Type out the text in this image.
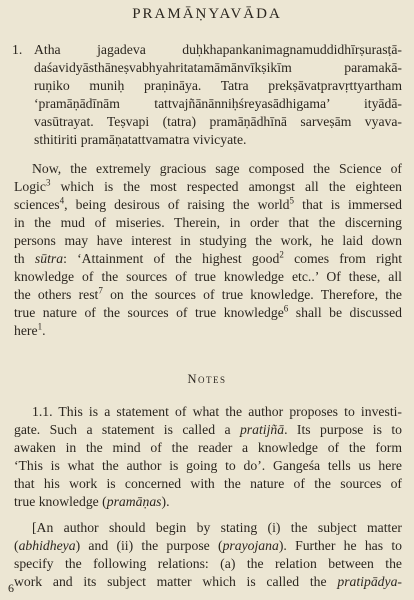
PRAMĀṆYAVĀDA
1. Atha jagadeva duḥkhapankanimagnamuddidhīrṣurasṭā-
daśavidyāsthāneṣvabhyahritatamāmānvīkṣikīm paramakā-
ruṇiko muniḥ praṇināya. Tatra prekṣāvatpravṛttyartham
‘pramāṇādīnām tattvajñānānniḥśreyasādhigama’ ityādā-
vasūtrayat. Teṣvapi (tatra) pramāṇādhīnā sarveṣām vyava-
sthitiriti pramāṇatattvamatra vivicyate.
Now, the extremely gracious sage composed the Science of
Logic$^3$ which is the most respected amongst all the eighteen
sciences$^4$, being desirous of raising the world$^5$ that is immersed
in the mud of miseries. Therein, in order that the discerning
persons may have interest in studying the work, he laid down
th sūtra: ‘Attainment of the highest good$^2$ comes from right
knowledge of the sources of true knowledge etc..’ Of these, all
the others rest$^7$ on the sources of true knowledge. Therefore, the
true nature of the sources of true knowledge$^6$ shall be discussed
here$^1$.
Notes
1.1. This is a statement of what the author proposes to investi-
gate. Such a statement is called a pratijñā. Its purpose is to
awaken in the mind of the reader a knowledge of the form
‘This is what the author is going to do’. Gangeśa tells us here
that his work is concerned with the nature of the sources of
true knowledge (pramāṇas).
[An author should begin by stating (i) the subject matter
(abhidheya) and (ii) the purpose (prayojana). Further he has to
specify the following relations: (a) the relation between the
work and its subject matter which is called the pratipādya-
6
